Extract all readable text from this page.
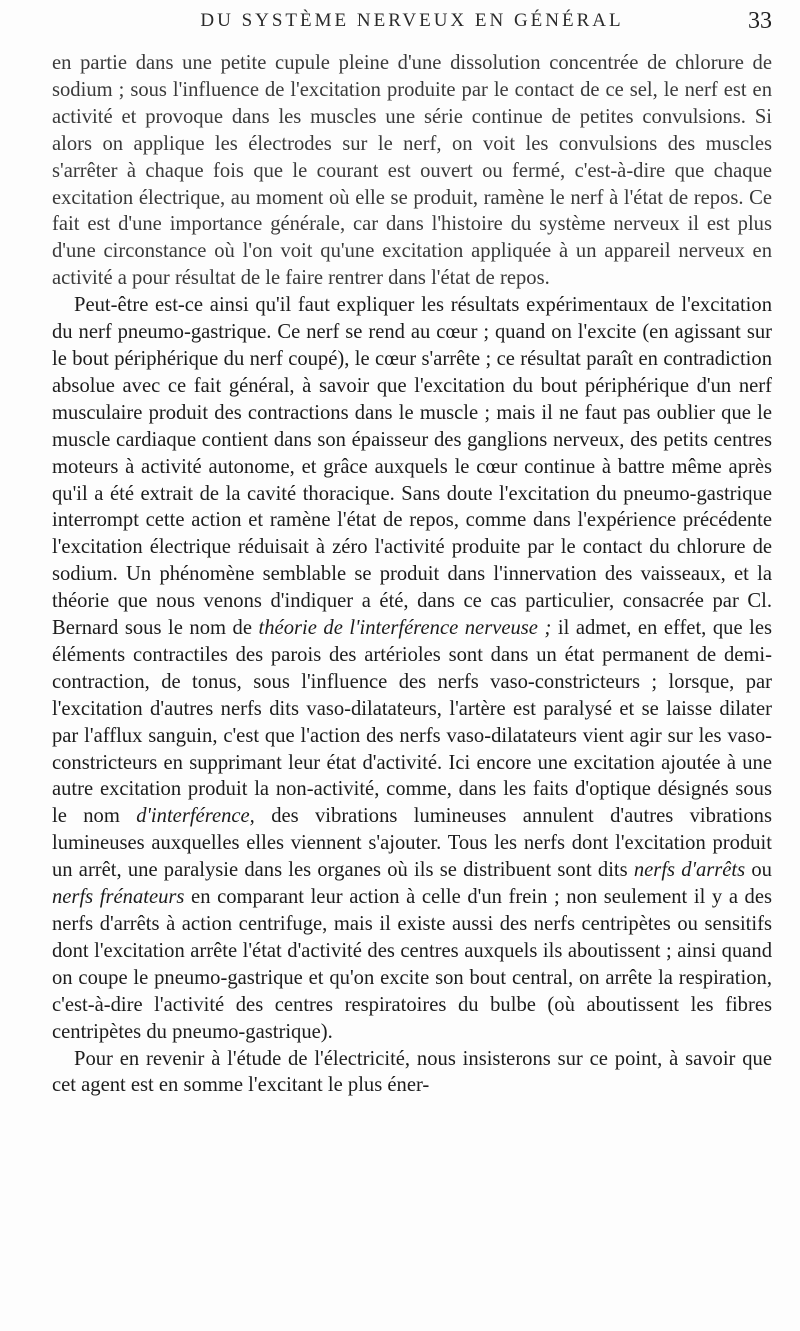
DU SYSTÈME NERVEUX EN GÉNÉRAL	33

en partie dans une petite cupule pleine d'une dissolution concentrée de chlorure de sodium ; sous l'influence de l'excitation produite par le contact de ce sel, le nerf est en activité et provoque dans les muscles une série continue de petites convulsions. Si alors on applique les électrodes sur le nerf, on voit les convulsions des muscles s'arrêter à chaque fois que le courant est ouvert ou fermé, c'est-à-dire que chaque excitation électrique, au moment où elle se produit, ramène le nerf à l'état de repos. Ce fait est d'une importance générale, car dans l'histoire du système nerveux il est plus d'une circonstance où l'on voit qu'une excitation appliquée à un appareil nerveux en activité a pour résultat de le faire rentrer dans l'état de repos.

Peut-être est-ce ainsi qu'il faut expliquer les résultats expérimentaux de l'excitation du nerf pneumo-gastrique. Ce nerf se rend au cœur ; quand on l'excite (en agissant sur le bout périphérique du nerf coupé), le cœur s'arrête ; ce résultat paraît en contradiction absolue avec ce fait général, à savoir que l'excitation du bout périphérique d'un nerf musculaire produit des contractions dans le muscle ; mais il ne faut pas oublier que le muscle cardiaque contient dans son épaisseur des ganglions nerveux, des petits centres moteurs à activité autonome, et grâce auxquels le cœur continue à battre même après qu'il a été extrait de la cavité thoracique. Sans doute l'excitation du pneumo-gastrique interrompt cette action et ramène l'état de repos, comme dans l'expérience précédente l'excitation électrique réduisait à zéro l'activité produite par le contact du chlorure de sodium. Un phénomène semblable se produit dans l'innervation des vaisseaux, et la théorie que nous venons d'indiquer a été, dans ce cas particulier, consacrée par Cl. Bernard sous le nom de théorie de l'interférence nerveuse ; il admet, en effet, que les éléments contractiles des parois des artérioles sont dans un état permanent de demi-contraction, de tonus, sous l'influence des nerfs vaso-constricteurs ; lorsque, par l'excitation d'autres nerfs dits vaso-dilatateurs, l'artère est paralysé et se laisse dilater par l'afflux sanguin, c'est que l'action des nerfs vaso-dilatateurs vient agir sur les vaso-constricteurs en supprimant leur état d'activité. Ici encore une excitation ajoutée à une autre excitation produit la non-activité, comme, dans les faits d'optique désignés sous le nom d'interférence, des vibrations lumineuses annulent d'autres vibrations lumineuses auxquelles elles viennent s'ajouter. Tous les nerfs dont l'excitation produit un arrêt, une paralysie dans les organes où ils se distribuent sont dits nerfs d'arrêts ou nerfs frénateurs en comparant leur action à celle d'un frein ; non seulement il y a des nerfs d'arrêts à action centrifuge, mais il existe aussi des nerfs centripètes ou sensitifs dont l'excitation arrête l'état d'activité des centres auxquels ils aboutissent ; ainsi quand on coupe le pneumo-gastrique et qu'on excite son bout central, on arrête la respiration, c'est-à-dire l'activité des centres respiratoires du bulbe (où aboutissent les fibres centripètes du pneumo-gastrique).

Pour en revenir à l'étude de l'électricité, nous insisterons sur ce point, à savoir que cet agent est en somme l'excitant le plus éner-
